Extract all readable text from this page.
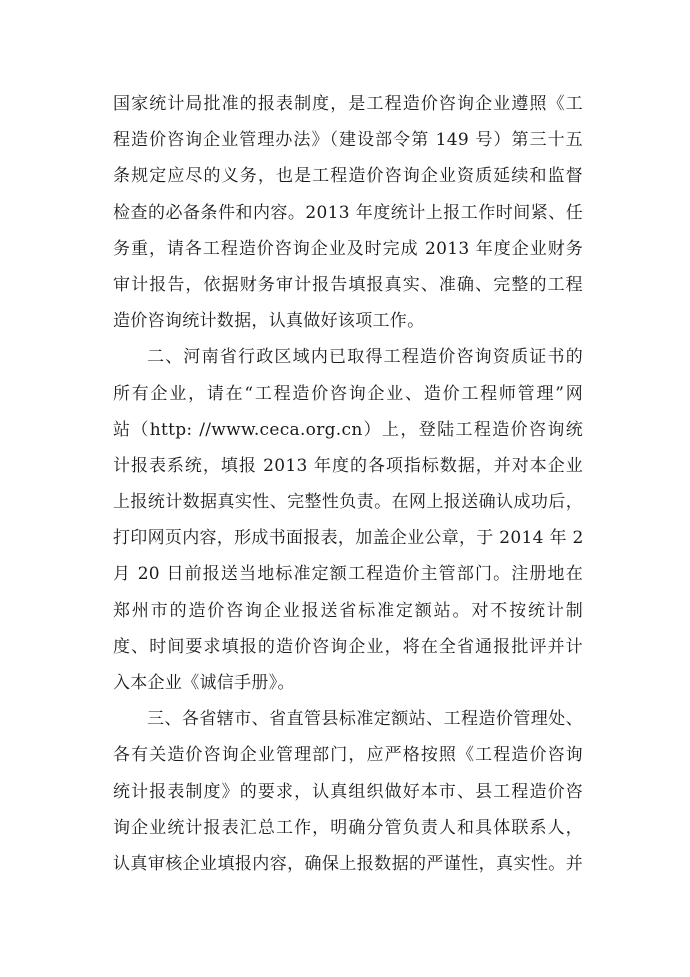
国家统计局批准的报表制度，是工程造价咨询企业遵照《工
程造价咨询企业管理办法》（建设部令第 149 号）第三十五
条规定应尽的义务，也是工程造价咨询企业资质延续和监督
检查的必备条件和内容。2013 年度统计上报工作时间紧、任
务重，请各工程造价咨询企业及时完成 2013 年度企业财务
审计报告，依据财务审计报告填报真实、准确、完整的工程
造价咨询统计数据，认真做好该项工作。
二、河南省行政区域内已取得工程造价咨询资质证书的
所有企业，请在“工程造价咨询企业、造价工程师管理”网
站（http: //www.ceca.org.cn）上，登陆工程造价咨询统
计报表系统，填报 2013 年度的各项指标数据，并对本企业
上报统计数据真实性、完整性负责。在网上报送确认成功后，
打印网页内容，形成书面报表，加盖企业公章，于 2014 年 2
月 20 日前报送当地标准定额工程造价主管部门。注册地在
郑州市的造价咨询企业报送省标准定额站。对不按统计制
度、时间要求填报的造价咨询企业，将在全省通报批评并计
入本企业《诚信手册》。
三、各省辖市、省直管县标准定额站、工程造价管理处、
各有关造价咨询企业管理部门，应严格按照《工程造价咨询
统计报表制度》的要求，认真组织做好本市、县工程造价咨
询企业统计报表汇总工作，明确分管负责人和具体联系人，
认真审核企业填报内容，确保上报数据的严谨性，真实性。并
